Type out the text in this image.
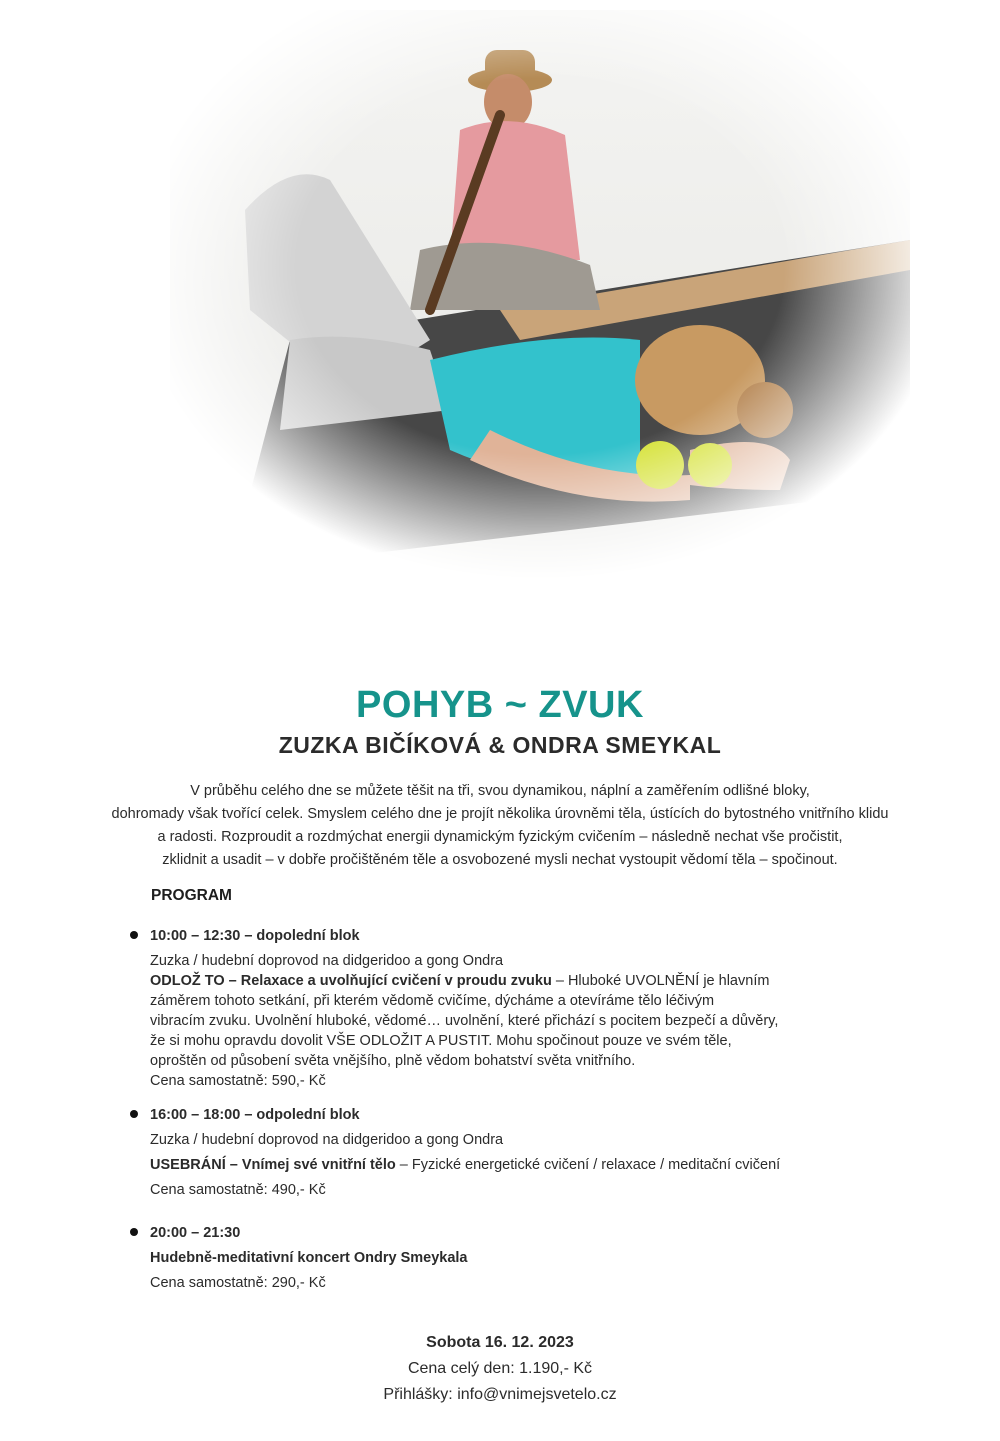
POHYB ~ ZVUK
ZUZKA BIČÍKOVÁ & ONDRA SMEYKAL
V průběhu celého dne se můžete těšit na tři, svou dynamikou, náplní a zaměřením odlišné bloky,
dohromady však tvořící celek. Smyslem celého dne je projít několika úrovněmi těla, ústících do bytostného vnitřního klidu
a radosti. Rozproudit a rozdmýchat energii dynamickým fyzickým cvičením – následně nechat vše pročistit,
zklidnit a usadit – v dobře pročištěném těle a osvobozené mysli nechat vystoupit vědomí těla – spočinout.
PROGRAM
10:00 – 12:30 – dopolední blok
Zuzka / hudební doprovod na didgeridoo a gong Ondra
ODLOŽ TO – Relaxace a uvolňující cvičení v proudu zvuku – Hluboké UVOLNĚNÍ je hlavním
záměrem tohoto setkání, při kterém vědomě cvičíme, dýcháme a otevíráme tělo léčivým
vibracím zvuku. Uvolnění hluboké, vědomé… uvolnění, které přichází s pocitem bezpečí a důvěry,
že si mohu opravdu dovolit VŠE ODLOŽIT A PUSTIT. Mohu spočinout pouze ve svém těle,
oproštěn od působení světa vnějšího, plně vědom bohatství světa vnitřního.
Cena samostatně: 590,- Kč
16:00 – 18:00 – odpolední blok
Zuzka / hudební doprovod na didgeridoo a gong Ondra
USEBRÁNÍ – Vnímej své vnitřní tělo – Fyzické energetické cvičení / relaxace / meditační cvičení
Cena samostatně: 490,- Kč
20:00 – 21:30
Hudebně-meditativní koncert Ondry Smeykala
Cena samostatně: 290,- Kč
Sobota 16. 12. 2023
Cena celý den: 1.190,- Kč
Přihlášky: info@vnimejsvetelo.cz
